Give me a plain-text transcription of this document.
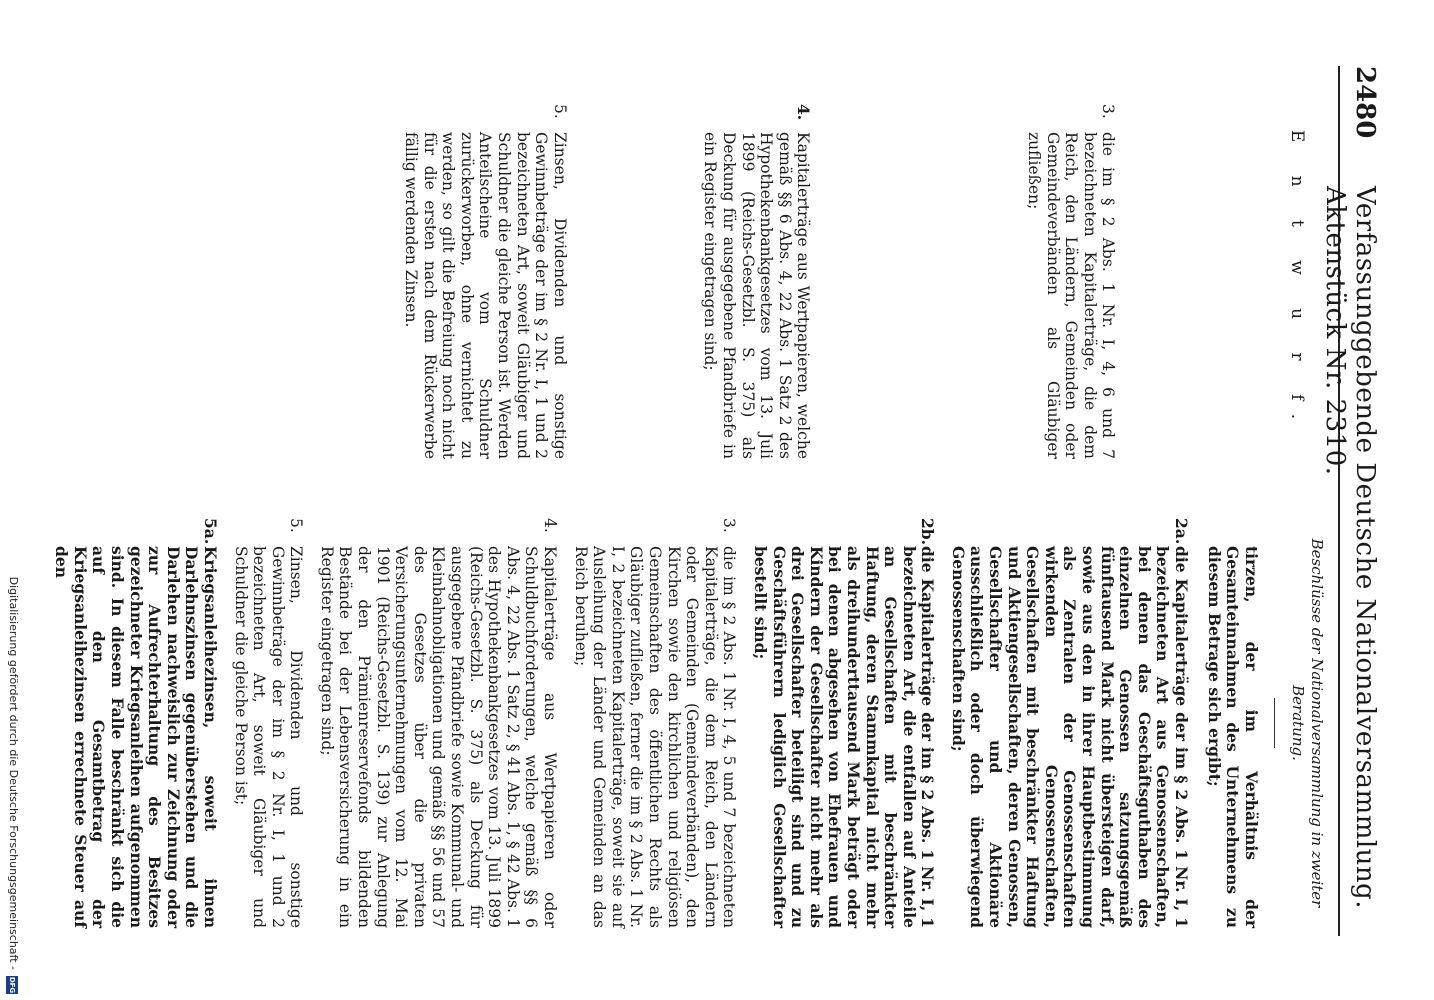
2480
Verfassunggebende Deutsche Nationalversammlung. Aktenstück Nr. 2310.
E n t w u r f.
3.
die im § 2 Abs. 1 Nr. I, 4, 6 und 7 bezeichneten Kapitalerträge, die dem Reich, den Ländern, Gemeinden oder Gemeindeverbänden als Gläubiger zufließen;
4.
Kapitalerträge aus Wertpapieren, welche gemäß §§ 6 Abs. 4, 22 Abs. 1 Satz 2 des Hypothekenbankgesetzes vom 13. Juli 1899 (Reichs-Gesetzbl. S. 375) als Deckung für ausgegebene Pfandbriefe in ein Register eingetragen sind;
5.
Zinsen, Dividenden und sonstige Gewinnbeträge der im § 2 Nr. I, 1 und 2 bezeichneten Art, soweit Gläubiger und Schuldner die gleiche Person ist. Werden Anteilscheine vom Schuldner zurückerworben, ohne vernichtet zu werden, so gilt die Befreiung noch nicht für die ersten nach dem Rückerwerbe fällig werdenden Zinsen.
Beschlüsse der Nationalversammlung in zweiter Beratung.
tirzen, der im Verhältnis der Gesamteinnahmen des Unternehmens zu diesem Betrage sich ergibt;
2a.
die Kapitalerträge der im § 2 Abs. 1 Nr. I, 1 bezeichneten Art aus Genossenschaften, bei denen das Geschäftsguthaben des einzelnen Genossen satzungsgemäß fünftausend Mark nicht übersteigen darf, sowie aus den in ihrer Hauptbestimmung als Zentralen der Genossenschaften wirkenden Genossenschaften, Gesellschaften mit beschränkter Haftung und Aktiengesellschaften, deren Genossen, Gesellschafter und Aktionäre ausschließlich oder doch überwiegend Genossenschaften sind;
2b.
die Kapitalerträge der im § 2 Abs. 1 Nr. I, 1 bezeichneten Art, die entfallen auf Anteile an Gesellschaften mit beschränkter Haftung, deren Stammkapital nicht mehr als dreihunderttausend Mark beträgt oder bei denen abgesehen von Ehefrauen und Kindern der Gesellschafter nicht mehr als drei Gesellschafter beteiligt sind und zu Geschäftsführern lediglich Gesellschafter bestellt sind;
3.
die im § 2 Abs. 1 Nr. I, 4, 5 und 7 bezeichneten Kapitalerträge, die dem Reich, den Ländern oder Gemeinden (Gemeindeverbänden), den Kirchen sowie den kirchlichen und religiösen Gemeinschaften des öffentlichen Rechts als Gläubiger zufließen, ferner die im § 2 Abs. 1 Nr. I, 2 bezeichneten Kapitalerträge, soweit sie auf Ausleihung der Länder und Gemeinden an das Reich beruhen;
4.
Kapitalerträge aus Wertpapieren oder Schuldbuchforderungen, welche gemäß §§ 6 Abs. 4, 22 Abs. 1 Satz 2, § 41 Abs. 1, § 42 Abs. 1 des Hypothekenbankgesetzes vom 13. Juli 1899 (Reichs-Gesetzbl. S. 375) als Deckung für ausgegebene Pfandbriefe sowie Kommunal- und Kleinbahnobligationen und gemäß §§ 56 und 57 des Gesetzes über die privaten Versicherungsunternehmungen vom 12. Mai 1901 (Reichs-Gesetzbl. S. 139) zur Anlegung der den Prämienreservefonds bildenden Bestände bei der Lebensversicherung in ein Register eingetragen sind;
5.
Zinsen, Dividenden und sonstige Gewinnbeträge der im § 2 Nr. I, 1 und 2 bezeichneten Art, soweit Gläubiger und Schuldner die gleiche Person ist;
5a.
Kriegsanleihezinsen, soweit ihnen Darlehnszinsen gegenüberstehen und die Darlehen nachweislich zur Zeichnung oder zur Aufrechterhaltung des Besitzes gezeichneter Kriegsanleihen aufgenommen sind. In diesem Falle beschränkt sich die auf den Gesamtbetrag der Kriegsanleihezinsen errechnete Steuer auf den
Digitalisierung gefördert durch die Deutsche Forschungsgemeinschaft -
DFG
